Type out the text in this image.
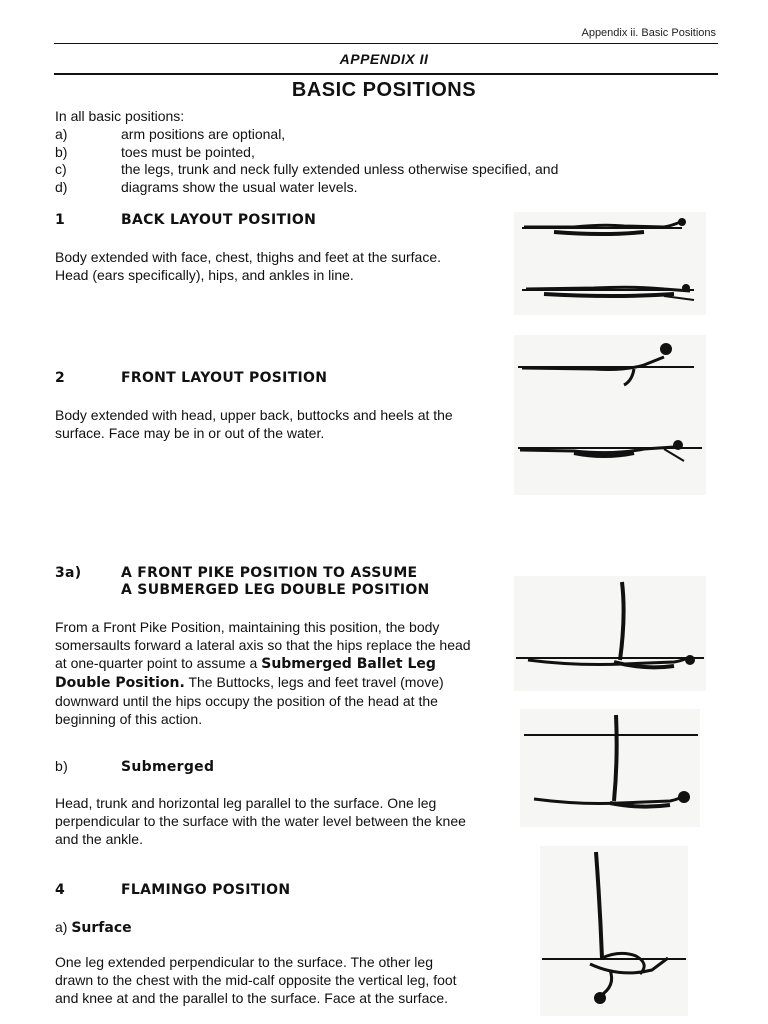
Appendix ii. Basic Positions
APPENDIX II
BASIC POSITIONS
In all basic positions:
a)	arm positions are optional,
b)	toes must be pointed,
c)	the legs, trunk and neck fully extended unless otherwise specified, and
d)	diagrams show the usual water levels.
1	BACK LAYOUT POSITION
Body extended with face, chest, thighs and feet at the surface.
Head (ears specifically), hips, and ankles in line.
2	FRONT LAYOUT POSITION
Body extended with head, upper back, buttocks and heels at the
surface. Face may be in or out of the water.
3a)	A FRONT PIKE POSITION TO ASSUME
A SUBMERGED LEG DOUBLE POSITION
From a Front Pike Position, maintaining this position, the body
somersaults forward a lateral axis so that the hips replace the head
at one-quarter point to assume a Submerged Ballet Leg
Double Position. The Buttocks, legs and feet travel (move)
downward until the hips occupy the position of the head at the
beginning of this action.
b)	Submerged
Head, trunk and horizontal leg parallel to the surface. One leg
perpendicular to the surface with the water level between the knee
and the ankle.
4	FLAMINGO POSITION
a) Surface
One leg extended perpendicular to the surface. The other leg
drawn to the chest with the mid-calf opposite the vertical leg, foot
and knee at and the parallel to the surface. Face at the surface.
